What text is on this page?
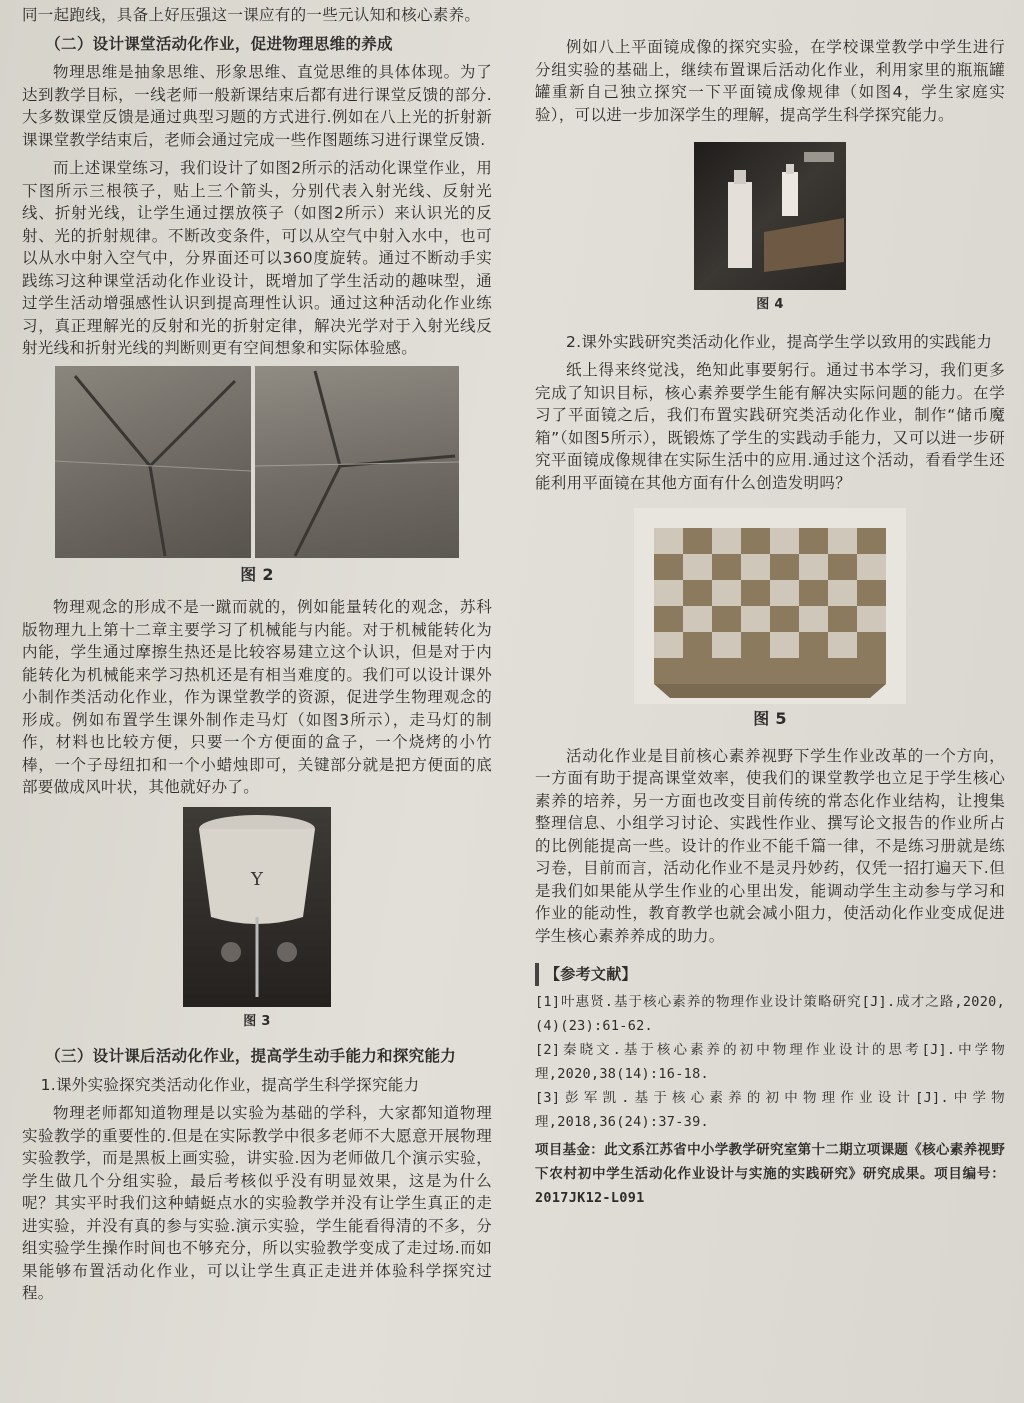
同一起跑线，具备上好压强这一课应有的一些元认知和核心素养。

（二）设计课堂活动化作业，促进物理思维的养成

物理思维是抽象思维、形象思维、直觉思维的具体体现。为了达到教学目标，一线老师一般新课结束后都有进行课堂反馈的部分.大多数课堂反馈是通过典型习题的方式进行.例如在八上光的折射新课课堂教学结束后，老师会通过完成一些作图题练习进行课堂反馈.

而上述课堂练习，我们设计了如图2所示的活动化课堂作业，用下图所示三根筷子，贴上三个箭头，分别代表入射光线、反射光线、折射光线，让学生通过摆放筷子（如图2所示）来认识光的反射、光的折射规律。不断改变条件，可以从空气中射入水中，也可以从水中射入空气中，分界面还可以360度旋转。通过不断动手实践练习这种课堂活动化作业设计，既增加了学生活动的趣味型，通过学生活动增强感性认识到提高理性认识。通过这种活动化作业练习，真正理解光的反射和光的折射定律，解决光学对于入射光线反射光线和折射光线的判断则更有空间想象和实际体验感。

图 2

物理观念的形成不是一蹴而就的，例如能量转化的观念，苏科版物理九上第十二章主要学习了机械能与内能。对于机械能转化为内能，学生通过摩擦生热还是比较容易建立这个认识，但是对于内能转化为机械能来学习热机还是有相当难度的。我们可以设计课外小制作类活动化作业，作为课堂教学的资源，促进学生物理观念的形成。例如布置学生课外制作走马灯（如图3所示），走马灯的制作，材料也比较方便，只要一个方便面的盒子，一个烧烤的小竹棒，一个子母纽扣和一个小蜡烛即可，关键部分就是把方便面的底部要做成风叶状，其他就好办了。

Y
图 3
（三）设计课后活动化作业，提高学生动手能力和探究能力

1.课外实验探究类活动化作业，提高学生科学探究能力

物理老师都知道物理是以实验为基础的学科，大家都知道物理实验教学的重要性的.但是在实际教学中很多老师不大愿意开展物理实验教学，而是黑板上画实验，讲实验.因为老师做几个演示实验，学生做几个分组实验，最后考核似乎没有明显效果，这是为什么呢？其实平时我们这种蜻蜓点水的实验教学并没有让学生真正的走进实验，并没有真的参与实验.演示实验，学生能看得清的不多，分组实验学生操作时间也不够充分，所以实验教学变成了走过场.而如果能够布置活动化作业，可以让学生真正走进并体验科学探究过程。

例如八上平面镜成像的探究实验，在学校课堂教学中学生进行分组实验的基础上，继续布置课后活动化作业，利用家里的瓶瓶罐罐重新自己独立探究一下平面镜成像规律（如图4，学生家庭实验），可以进一步加深学生的理解，提高学生科学探究能力。

图 4

2.课外实践研究类活动化作业，提高学生学以致用的实践能力

纸上得来终觉浅，绝知此事要躬行。通过书本学习，我们更多完成了知识目标，核心素养要学生能有解决实际问题的能力。在学习了平面镜之后，我们布置实践研究类活动化作业，制作“储币魔箱”（如图5所示），既锻炼了学生的实践动手能力，又可以进一步研究平面镜成像规律在实际生活中的应用.通过这个活动，看看学生还能利用平面镜在其他方面有什么创造发明吗？

图 5

活动化作业是目前核心素养视野下学生作业改革的一个方向，一方面有助于提高课堂效率，使我们的课堂教学也立足于学生核心素养的培养，另一方面也改变目前传统的常态化作业结构，让搜集整理信息、小组学习讨论、实践性作业、撰写论文报告的作业所占的比例能提高一些。设计的作业不能千篇一律，不是练习册就是练习卷，目前而言，活动化作业不是灵丹妙药，仅凭一招打遍天下.但是我们如果能从学生作业的心里出发，能调动学生主动参与学习和作业的能动性，教育教学也就会减小阻力，使活动化作业变成促进学生核心素养养成的助力。

【参考文献】

[1]叶惠贤.基于核心素养的物理作业设计策略研究[J].成才之路,2020,(4)(23):61-62.

[2]秦晓文.基于核心素养的初中物理作业设计的思考[J].中学物理,2020,38(14):16-18.

[3]彭军凯.基于核心素养的初中物理作业设计[J].中学物理,2018,36(24):37-39.

项目基金：此文系江苏省中小学教学研究室第十二期立项课题《核心素养视野下农村初中学生活动化作业设计与实施的实践研究》研究成果。项目编号：2017JK12-L091
